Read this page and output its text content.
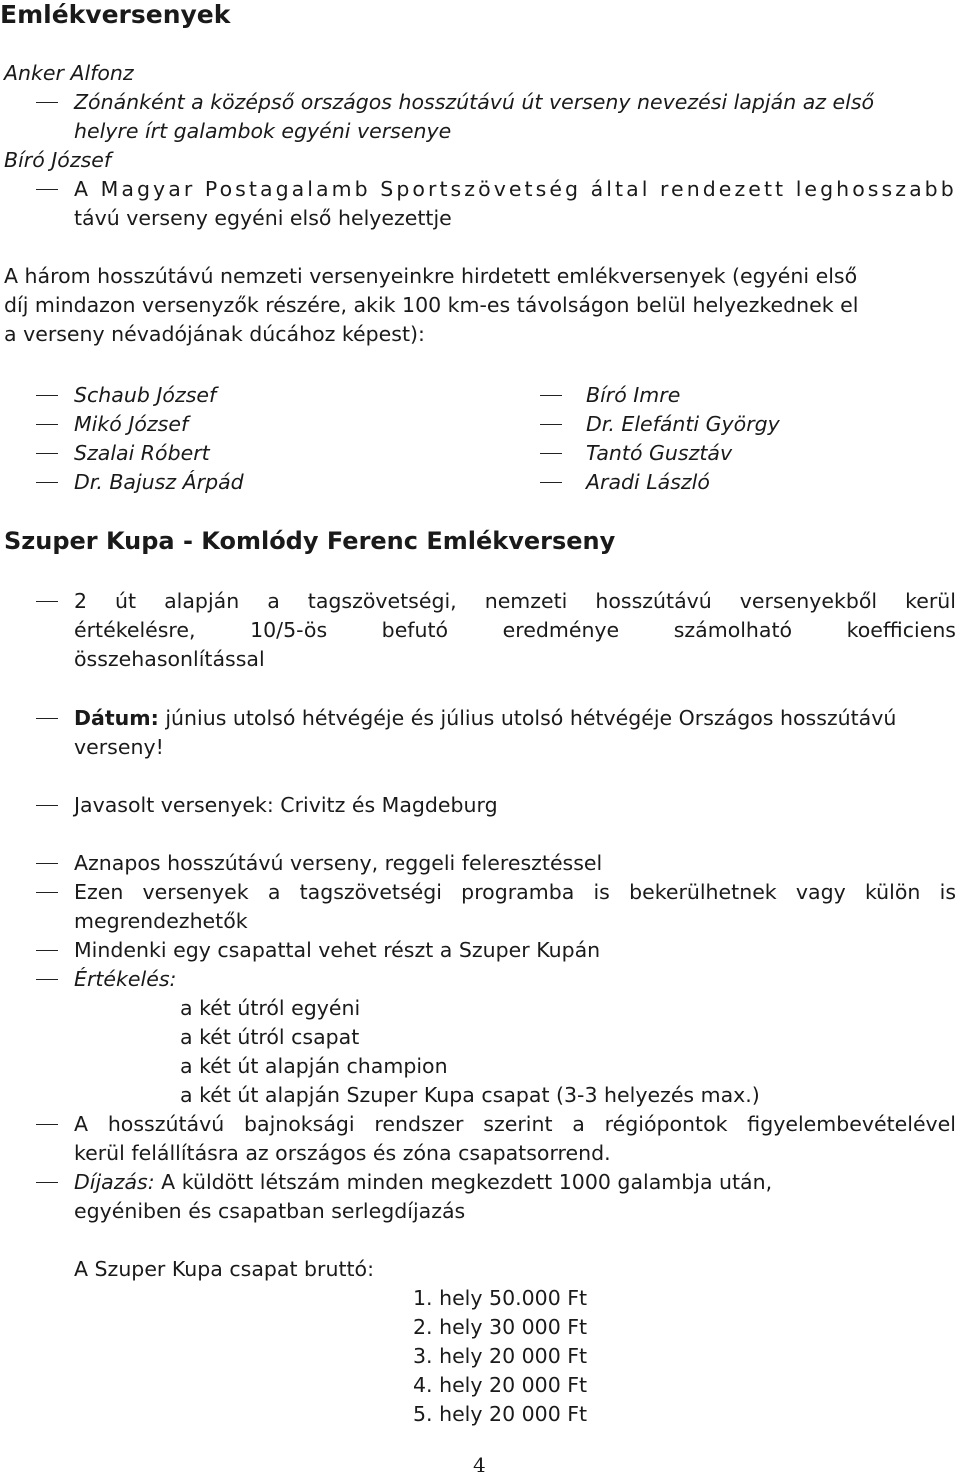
Emlékversenyek
Anker Alfonz
Zónánként a középső országos hosszútávú út verseny nevezési lapján az első
helyre írt galambok egyéni versenye
Bíró József
A Magyar Postagalamb Sportszövetség által rendezett leghosszabb
távú verseny egyéni első helyezettje
A három hosszútávú nemzeti versenyeinkre hirdetett emlékversenyek (egyéni első
díj mindazon versenyzők részére, akik 100 km-es távolságon belül helyezkednek el
a verseny névadójának dúcához képest):
Schaub József
Mikó József
Szalai Róbert
Dr. Bajusz Árpád
Bíró Imre
Dr. Elefánti György
Tantó Gusztáv
Aradi László
Szuper Kupa - Komlódy Ferenc Emlékverseny
2 út alapján a tagszövetségi, nemzeti hosszútávú versenyekből kerül
értékelésre, 10/5-ös befutó eredménye számolható koefficiens
összehasonlítással
Dátum: június utolsó hétvégéje és július utolsó hétvégéje Országos hosszútávú
verseny!
Javasolt versenyek: Crivitz és Magdeburg
Aznapos hosszútávú verseny, reggeli feleresztéssel
Ezen versenyek a tagszövetségi programba is bekerülhetnek vagy külön is
megrendezhetők
Mindenki egy csapattal vehet részt a Szuper Kupán
Értékelés:
a két útról egyéni
a két útról csapat
a két út alapján champion
a két út alapján Szuper Kupa csapat (3-3 helyezés max.)
A hosszútávú bajnoksági rendszer szerint a régiópontok figyelembevételével
kerül felállításra az országos és zóna csapatsorrend.
Díjazás: A küldött létszám minden megkezdett 1000 galambja után,
egyéniben és csapatban serlegdíjazás
A Szuper Kupa csapat bruttó:
1. hely 50.000 Ft
2. hely 30 000 Ft
3. hely 20 000 Ft
4. hely 20 000 Ft
5. hely 20 000 Ft
4
